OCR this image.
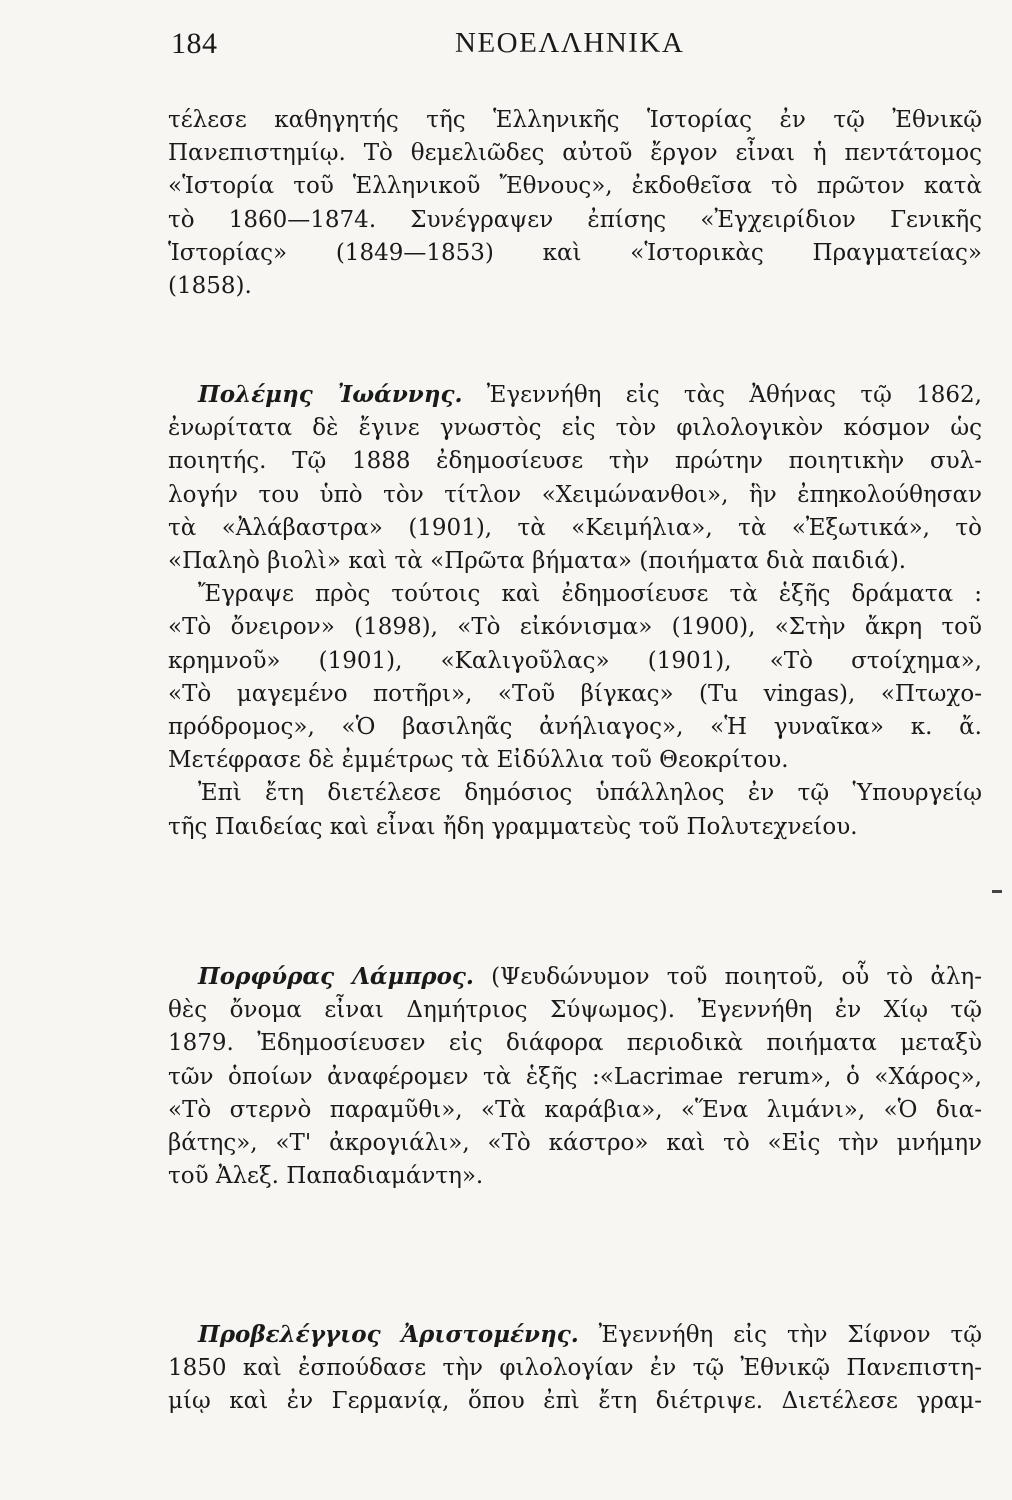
184	ΝΕΟΕΛΛΗΝΙΚΑ
τέλεσε καθηγητής τῆς Ἑλληνικῆς Ἱστορίας ἐν τῷ Ἐθνικῷ
Πανεπιστημίῳ. Τὸ θεμελιῶδες αὐτοῦ ἔργον εἶναι ἡ πεντάτομος
«Ἱστορία τοῦ Ἑλληνικοῦ Ἔθνους», ἐκδοθεῖσα τὸ πρῶτον κατὰ
τὸ 1860—1874. Συνέγραψεν ἐπίσης «Ἐγχειρίδιον Γενικῆς
Ἱστορίας» (1849—1853) καὶ «Ἱστορικὰς Πραγματείας»
(1858).
Πολέμης Ἰωάννης. Ἐγεννήθη εἰς τὰς Ἀθήνας τῷ 1862,
ἐνωρίτατα δὲ ἔγινε γνωστὸς εἰς τὸν φιλολογικὸν κόσμον ὡς
ποιητής. Τῷ 1888 ἐδημοσίευσε τὴν πρώτην ποιητικὴν συλ-
λογήν του ὑπὸ τὸν τίτλον «Χειμώνανθοι», ἣν ἐπηκολούθησαν
τὰ «Ἀλάβαστρα» (1901), τὰ «Κειμήλια», τὰ «Ἐξωτικά», τὸ
«Παληὸ βιολὶ» καὶ τὰ «Πρῶτα βήματα» (ποιήματα διὰ παιδιά).
Ἔγραψε πρὸς τούτοις καὶ ἐδημοσίευσε τὰ ἑξῆς δράματα :
«Τὸ ὄνειρον» (1898), «Τὸ εἰκόνισμα» (1900), «Στὴν ἄκρη τοῦ
κρημνοῦ» (1901), «Καλιγοῦλας» (1901), «Τὸ στοίχημα»,
«Τὸ μαγεμένο ποτῆρι», «Τοῦ βίγκας» (Tu vingas), «Πτωχο-
πρόδρομος», «Ὁ βασιληᾶς ἀνήλιαγος», «Ἡ γυναῖκα» κ. ἄ.
Μετέφρασε δὲ ἐμμέτρως τὰ Εἰδύλλια τοῦ Θεοκρίτου.
Ἐπὶ ἔτη διετέλεσε δημόσιος ὑπάλληλος ἐν τῷ Ὑπουργείῳ
τῆς Παιδείας καὶ εἶναι ἤδη γραμματεὺς τοῦ Πολυτεχνείου.
Πορφύρας Λάμπρος. (Ψευδώνυμον τοῦ ποιητοῦ, οὗ τὸ ἀλη-
θὲς ὄνομα εἶναι Δημήτριος Σύψωμος). Ἐγεννήθη ἐν Χίῳ τῷ
1879. Ἐδημοσίευσεν εἰς διάφορα περιοδικὰ ποιήματα μεταξὺ
τῶν ὁποίων ἀναφέρομεν τὰ ἑξῆς :«Lacrimae rerum», ὁ «Χάρος»,
«Τὸ στερνὸ παραμῦθι», «Τὰ καράβια», «Ἕνα λιμάνι», «Ὁ δια-
βάτης», «Τ' ἀκρογιάλι», «Τὸ κάστρο» καὶ τὸ «Εἰς τὴν μνήμην
τοῦ Ἀλεξ. Παπαδιαμάντη».
Προβελέγγιος Ἀριστομένης. Ἐγεννήθη εἰς τὴν Σίφνον τῷ
1850 καὶ ἐσπούδασε τὴν φιλολογίαν ἐν τῷ Ἐθνικῷ Πανεπιστη-
μίῳ καὶ ἐν Γερμανίᾳ, ὅπου ἐπὶ ἔτη διέτριψε. Διετέλεσε γραμ-
